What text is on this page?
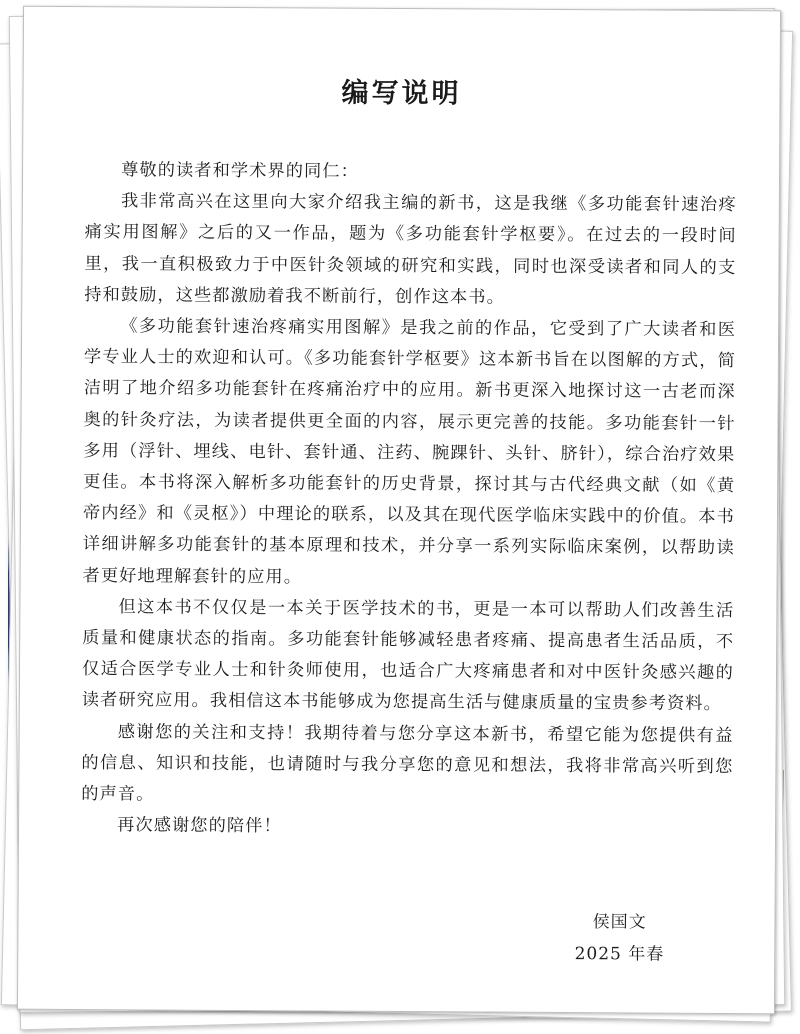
编写说明

尊敬的读者和学术界的同仁：

我非常高兴在这里向大家介绍我主编的新书，这是我继《多功能套针速治疼痛实用图解》之后的又一作品，题为《多功能套针学枢要》。在过去的一段时间里，我一直积极致力于中医针灸领域的研究和实践，同时也深受读者和同人的支持和鼓励，这些都激励着我不断前行，创作这本书。

《多功能套针速治疼痛实用图解》是我之前的作品，它受到了广大读者和医学专业人士的欢迎和认可。《多功能套针学枢要》这本新书旨在以图解的方式，简洁明了地介绍多功能套针在疼痛治疗中的应用。新书更深入地探讨这一古老而深奥的针灸疗法，为读者提供更全面的内容，展示更完善的技能。多功能套针一针多用（浮针、埋线、电针、套针通、注药、腕踝针、头针、脐针），综合治疗效果更佳。本书将深入解析多功能套针的历史背景，探讨其与古代经典文献（如《黄帝内经》和《灵枢》）中理论的联系，以及其在现代医学临床实践中的价值。本书详细讲解多功能套针的基本原理和技术，并分享一系列实际临床案例，以帮助读者更好地理解套针的应用。

但这本书不仅仅是一本关于医学技术的书，更是一本可以帮助人们改善生活质量和健康状态的指南。多功能套针能够减轻患者疼痛、提高患者生活品质，不仅适合医学专业人士和针灸师使用，也适合广大疼痛患者和对中医针灸感兴趣的读者研究应用。我相信这本书能够成为您提高生活与健康质量的宝贵参考资料。

感谢您的关注和支持！我期待着与您分享这本新书，希望它能为您提供有益的信息、知识和技能，也请随时与我分享您的意见和想法，我将非常高兴听到您的声音。

再次感谢您的陪伴！

侯国文
2025 年春
